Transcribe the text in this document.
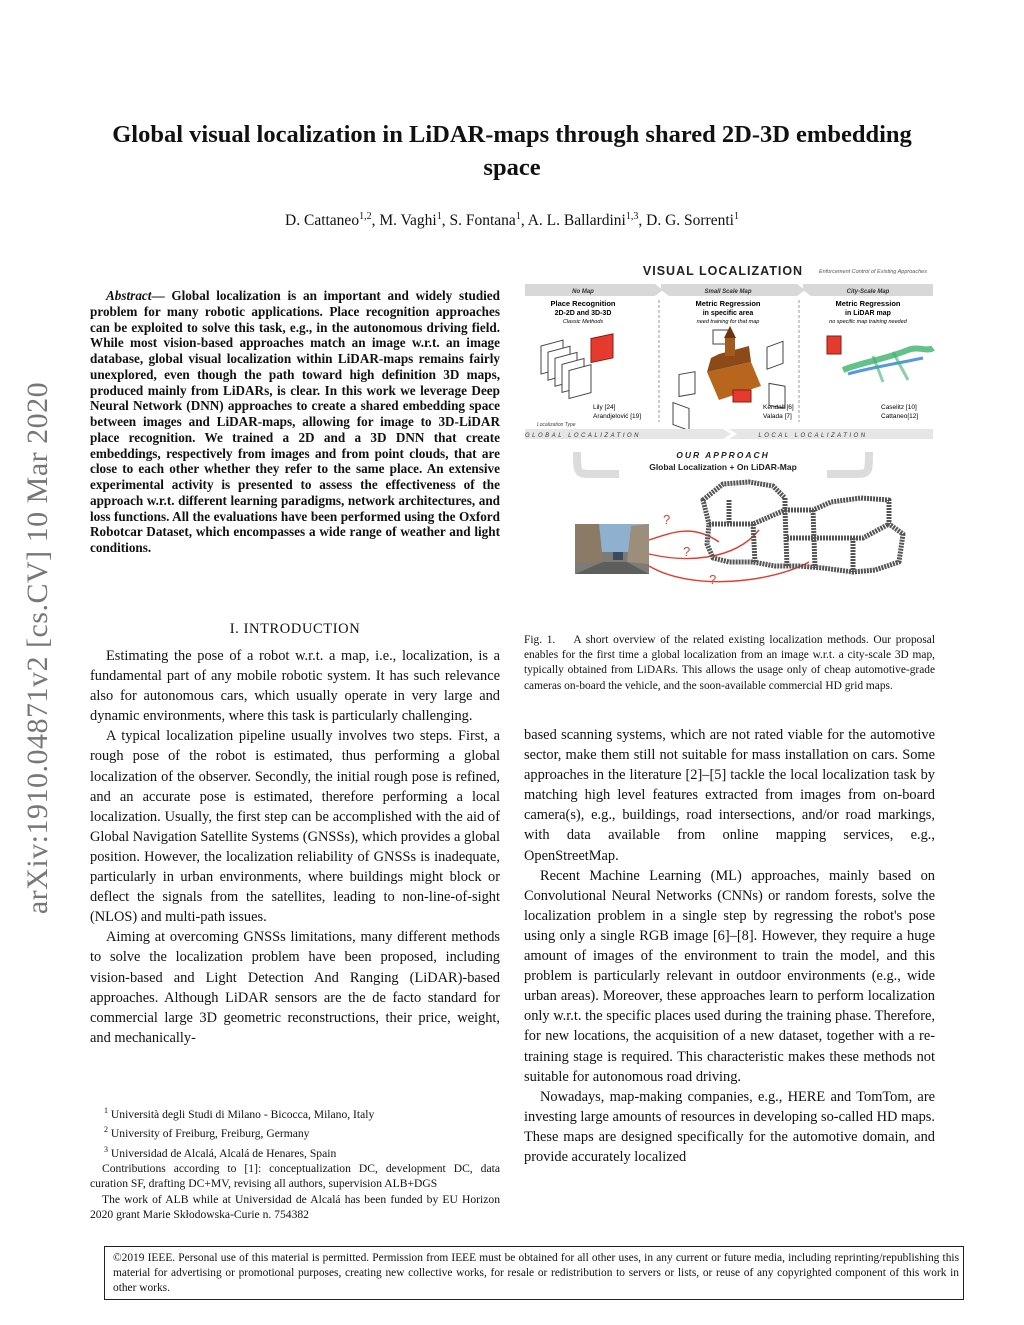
arXiv:1910.04871v2 [cs.CV] 10 Mar 2020
Global visual localization in LiDAR-maps through shared 2D-3D embedding space
D. Cattaneo$^{1,2}$, M. Vaghi$^1$, S. Fontana$^1$, A. L. Ballardini$^{1,3}$, D. G. Sorrenti$^1$

Abstract— Global localization is an important and widely studied problem for many robotic applications. Place recognition approaches can be exploited to solve this task, e.g., in the autonomous driving field. While most vision-based approaches match an image w.r.t. an image database, global visual localization within LiDAR-maps remains fairly unexplored, even though the path toward high definition 3D maps, produced mainly from LiDARs, is clear. In this work we leverage Deep Neural Network (DNN) approaches to create a shared embedding space between images and LiDAR-maps, allowing for image to 3D-LiDAR place recognition. We trained a 2D and a 3D DNN that create embeddings, respectively from images and from point clouds, that are close to each other whether they refer to the same place. An extensive experimental activity is presented to assess the effectiveness of the approach w.r.t. different learning paradigms, network architectures, and loss functions. All the evaluations have been performed using the Oxford Robotcar Dataset, which encompasses a wide range of weather and light conditions.

I. INTRODUCTION

Estimating the pose of a robot w.r.t. a map, i.e., localization, is a fundamental part of any mobile robotic system. It has such relevance also for autonomous cars, which usually operate in very large and dynamic environments, where this task is particularly challenging.

A typical localization pipeline usually involves two steps. First, a rough pose of the robot is estimated, thus performing a global localization of the observer. Secondly, the initial rough pose is refined, and an accurate pose is estimated, therefore performing a local localization. Usually, the first step can be accomplished with the aid of Global Navigation Satellite Systems (GNSSs), which provides a global position. However, the localization reliability of GNSSs is inadequate, particularly in urban environments, where buildings might block or deflect the signals from the satellites, leading to non-line-of-sight (NLOS) and multi-path issues.

Aiming at overcoming GNSSs limitations, many different methods to solve the localization problem have been proposed, including vision-based and Light Detection And Ranging (LiDAR)-based approaches. Although LiDAR sensors are the de facto standard for commercial large 3D geometric reconstructions, their price, weight, and mechanically-

$^1$ Università degli Studi di Milano - Bicocca, Milano, Italy

$^2$ University of Freiburg, Freiburg, Germany

$^3$ Universidad de Alcalá, Alcalá de Henares, Spain

Contributions according to [1]: conceptualization DC, development DC, data curation SF, drafting DC+MV, revising all authors, supervision ALB+DGS

The work of ALB while at Universidad de Alcalá has been funded by EU Horizon 2020 grant Marie Skłodowska-Curie n. 754382

VISUAL LOCALIZATION	Enforcement Control of Existing Approaches
No Map	Small Scale Map	City-Scale Map
Place Recognition
2D-2D and 3D-3D
Classic Methods
Metric Regression
in specific area
need training for that map
Metric Regression
in LiDAR map
no specific map training needed
Lily [24]
Arandjelović [19]
Kendall [6]
Valada [7]
Caselitz [10]
Cattaneo[12]
Localization Type
GLOBAL LOCALIZATION	LOCAL LOCALIZATION
OUR APPROACH
Global Localization + On LiDAR-Map
?
?
?
Fig. 1. A short overview of the related existing localization methods. Our proposal enables for the first time a global localization from an image w.r.t. a city-scale 3D map, typically obtained from LiDARs. This allows the usage only of cheap automotive-grade cameras on-board the vehicle, and the soon-available commercial HD grid maps.

based scanning systems, which are not rated viable for the automotive sector, make them still not suitable for mass installation on cars. Some approaches in the literature [2]–[5] tackle the local localization task by matching high level features extracted from images from on-board camera(s), e.g., buildings, road intersections, and/or road markings, with data available from online mapping services, e.g., OpenStreetMap.

Recent Machine Learning (ML) approaches, mainly based on Convolutional Neural Networks (CNNs) or random forests, solve the localization problem in a single step by regressing the robot's pose using only a single RGB image [6]–[8]. However, they require a huge amount of images of the environment to train the model, and this problem is particularly relevant in outdoor environments (e.g., wide urban areas). Moreover, these approaches learn to perform localization only w.r.t. the specific places used during the training phase. Therefore, for new locations, the acquisition of a new dataset, together with a re-training stage is required. This characteristic makes these methods not suitable for autonomous road driving.

Nowadays, map-making companies, e.g., HERE and TomTom, are investing large amounts of resources in developing so-called HD maps. These maps are designed specifically for the automotive domain, and provide accurately localized

©2019 IEEE. Personal use of this material is permitted. Permission from IEEE must be obtained for all other uses, in any current or future media, including reprinting/republishing this material for advertising or promotional purposes, creating new collective works, for resale or redistribution to servers or lists, or reuse of any copyrighted component of this work in other works.
